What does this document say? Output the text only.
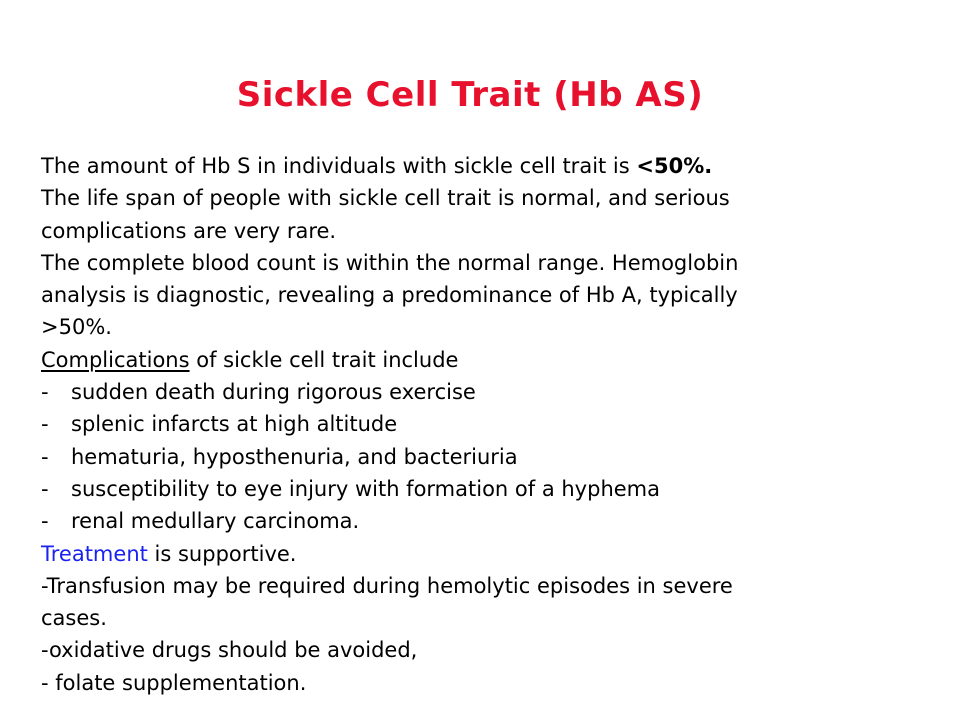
Sickle Cell Trait (Hb AS)
The amount of Hb S in individuals with sickle cell trait is <50%.
The life span of people with sickle cell trait is normal, and serious
complications are very rare.
The complete blood count is within the normal range. Hemoglobin
analysis is diagnostic, revealing a predominance of Hb A, typically
>50%.
Complications of sickle cell trait include
- sudden death during rigorous exercise
- splenic infarcts at high altitude
- hematuria, hyposthenuria, and bacteriuria
- susceptibility to eye injury with formation of a hyphema
- renal medullary carcinoma.
Treatment is supportive.
-Transfusion may be required during hemolytic episodes in severe
cases.
-oxidative drugs should be avoided,
- folate supplementation.
